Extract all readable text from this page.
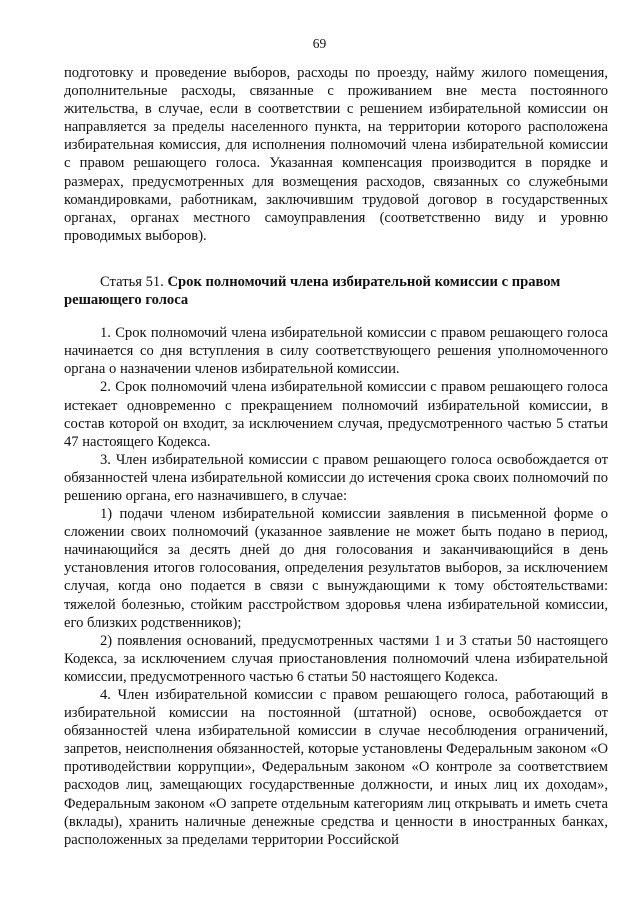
69

подготовку и проведение выборов, расходы по проезду, найму жилого помещения, дополнительные расходы, связанные с проживанием вне места постоянного жительства, в случае, если в соответствии с решением избирательной комиссии он направляется за пределы населенного пункта, на территории которого расположена избирательная комиссия, для исполнения полномочий члена избирательной комиссии с правом решающего голоса. Указанная компенсация производится в порядке и размерах, предусмотренных для возмещения расходов, связанных со служебными командировками, работникам, заключившим трудовой договор в государственных органах, органах местного самоуправления (соответственно виду и уровню проводимых выборов).

Статья 51. Срок полномочий члена избирательной комиссии с правом решающего голоса

1. Срок полномочий члена избирательной комиссии с правом решающего голоса начинается со дня вступления в силу соответствующего решения уполномоченного органа о назначении членов избирательной комиссии.

2. Срок полномочий члена избирательной комиссии с правом решающего голоса истекает одновременно с прекращением полномочий избирательной комиссии, в состав которой он входит, за исключением случая, предусмотренного частью 5 статьи 47 настоящего Кодекса.

3. Член избирательной комиссии с правом решающего голоса освобождается от обязанностей члена избирательной комиссии до истечения срока своих полномочий по решению органа, его назначившего, в случае:

1) подачи членом избирательной комиссии заявления в письменной форме о сложении своих полномочий (указанное заявление не может быть подано в период, начинающийся за десять дней до дня голосования и заканчивающийся в день установления итогов голосования, определения результатов выборов, за исключением случая, когда оно подается в связи с вынуждающими к тому обстоятельствами: тяжелой болезнью, стойким расстройством здоровья члена избирательной комиссии, его близких родственников);

2) появления оснований, предусмотренных частями 1 и 3 статьи 50 настоящего Кодекса, за исключением случая приостановления полномочий члена избирательной комиссии, предусмотренного частью 6 статьи 50 настоящего Кодекса.

4. Член избирательной комиссии с правом решающего голоса, работающий в избирательной комиссии на постоянной (штатной) основе, освобождается от обязанностей члена избирательной комиссии в случае несоблюдения ограничений, запретов, неисполнения обязанностей, которые установлены Федеральным законом «О противодействии коррупции», Федеральным законом «О контроле за соответствием расходов лиц, замещающих государственные должности, и иных лиц их доходам», Федеральным законом «О запрете отдельным категориям лиц открывать и иметь счета (вклады), хранить наличные денежные средства и ценности в иностранных банках, расположенных за пределами территории Российской
